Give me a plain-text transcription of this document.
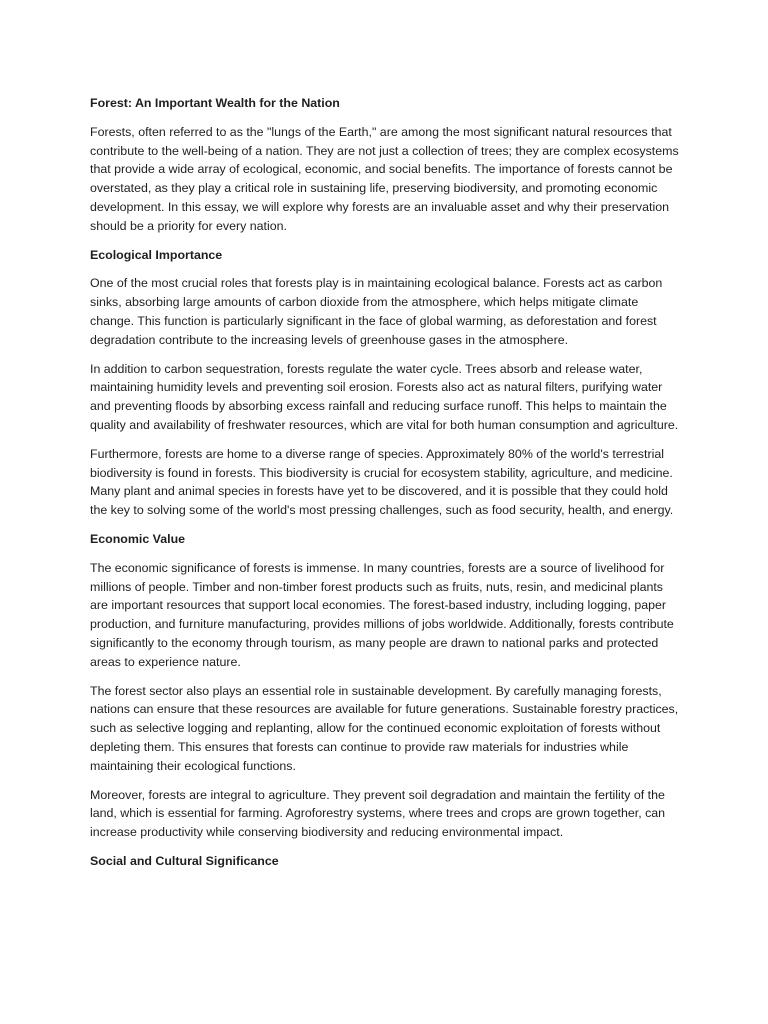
Forest: An Important Wealth for the Nation

Forests, often referred to as the "lungs of the Earth," are among the most significant natural resources that contribute to the well-being of a nation. They are not just a collection of trees; they are complex ecosystems that provide a wide array of ecological, economic, and social benefits. The importance of forests cannot be overstated, as they play a critical role in sustaining life, preserving biodiversity, and promoting economic development. In this essay, we will explore why forests are an invaluable asset and why their preservation should be a priority for every nation.

Ecological Importance

One of the most crucial roles that forests play is in maintaining ecological balance. Forests act as carbon sinks, absorbing large amounts of carbon dioxide from the atmosphere, which helps mitigate climate change. This function is particularly significant in the face of global warming, as deforestation and forest degradation contribute to the increasing levels of greenhouse gases in the atmosphere.

In addition to carbon sequestration, forests regulate the water cycle. Trees absorb and release water, maintaining humidity levels and preventing soil erosion. Forests also act as natural filters, purifying water and preventing floods by absorbing excess rainfall and reducing surface runoff. This helps to maintain the quality and availability of freshwater resources, which are vital for both human consumption and agriculture.

Furthermore, forests are home to a diverse range of species. Approximately 80% of the world's terrestrial biodiversity is found in forests. This biodiversity is crucial for ecosystem stability, agriculture, and medicine. Many plant and animal species in forests have yet to be discovered, and it is possible that they could hold the key to solving some of the world's most pressing challenges, such as food security, health, and energy.

Economic Value

The economic significance of forests is immense. In many countries, forests are a source of livelihood for millions of people. Timber and non-timber forest products such as fruits, nuts, resin, and medicinal plants are important resources that support local economies. The forest-based industry, including logging, paper production, and furniture manufacturing, provides millions of jobs worldwide. Additionally, forests contribute significantly to the economy through tourism, as many people are drawn to national parks and protected areas to experience nature.

The forest sector also plays an essential role in sustainable development. By carefully managing forests, nations can ensure that these resources are available for future generations. Sustainable forestry practices, such as selective logging and replanting, allow for the continued economic exploitation of forests without depleting them. This ensures that forests can continue to provide raw materials for industries while maintaining their ecological functions.

Moreover, forests are integral to agriculture. They prevent soil degradation and maintain the fertility of the land, which is essential for farming. Agroforestry systems, where trees and crops are grown together, can increase productivity while conserving biodiversity and reducing environmental impact.

Social and Cultural Significance
